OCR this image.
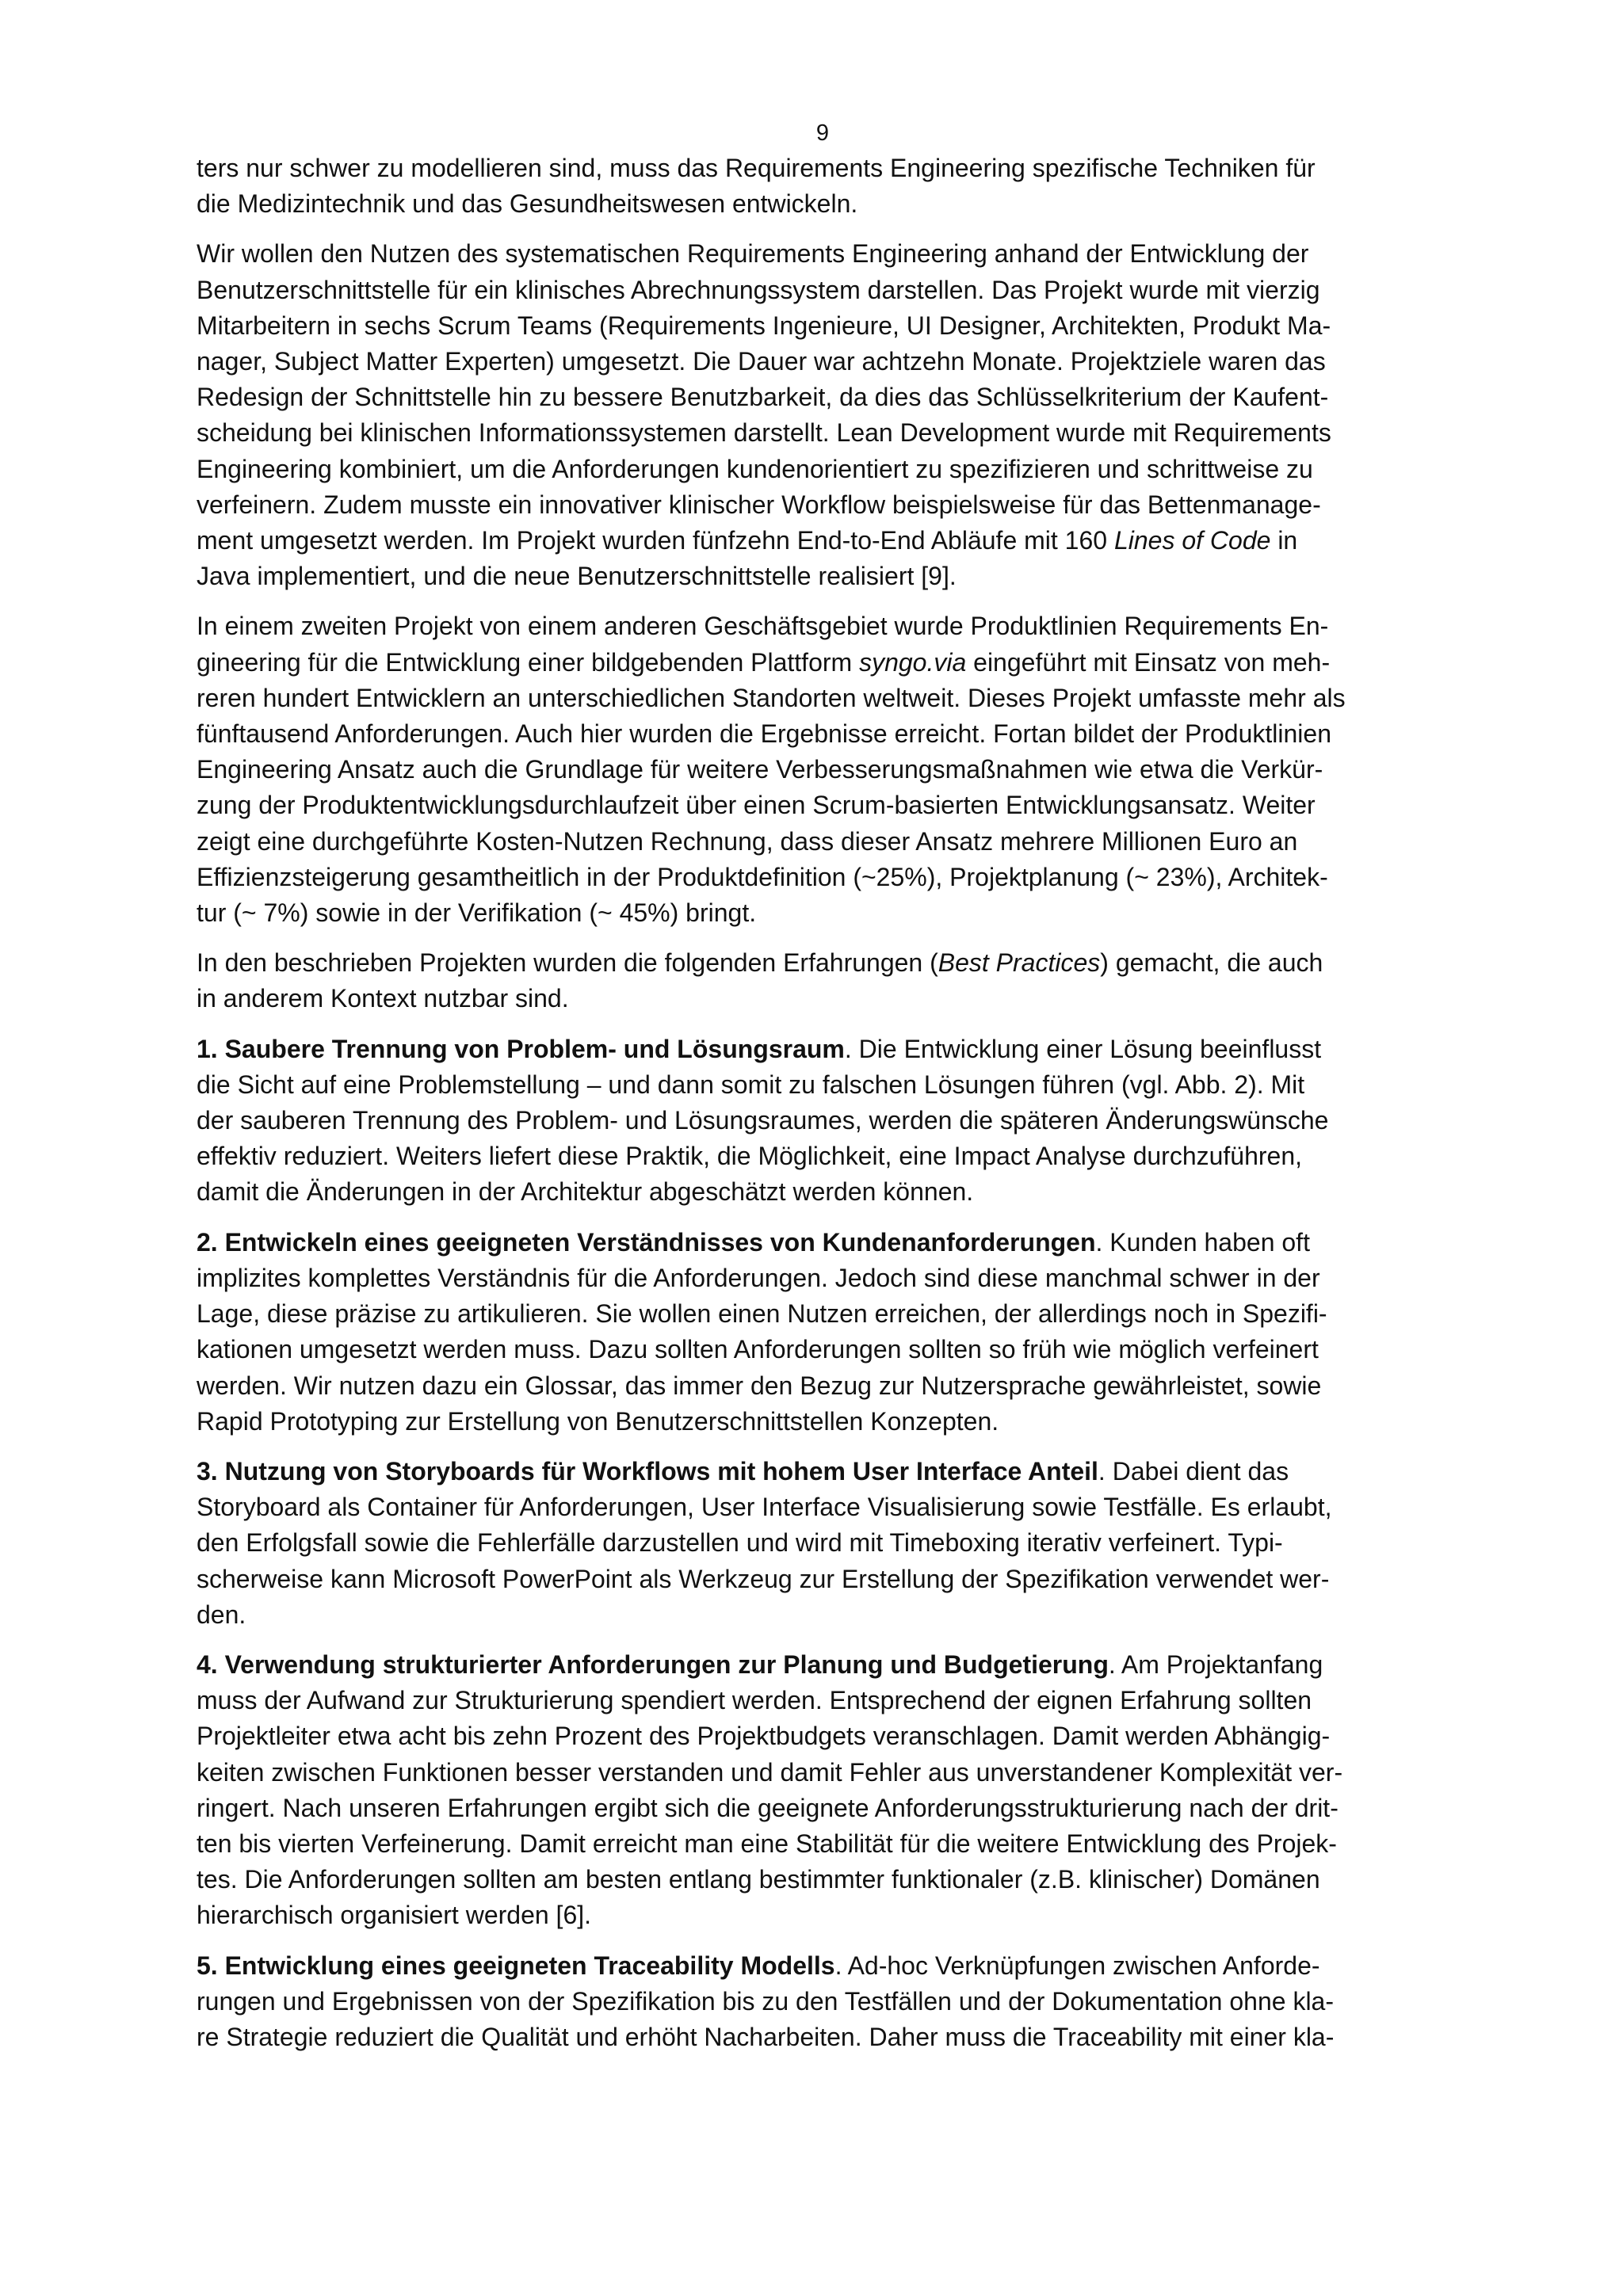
9
ters nur schwer zu modellieren sind, muss das Requirements Engineering spezifische Techniken für
die Medizintechnik und das Gesundheitswesen entwickeln.
Wir wollen den Nutzen des systematischen Requirements Engineering anhand der Entwicklung der
Benutzerschnittstelle für ein klinisches Abrechnungssystem darstellen. Das Projekt wurde mit vierzig
Mitarbeitern in sechs Scrum Teams (Requirements Ingenieure, UI Designer, Architekten, Produkt Ma-
nager, Subject Matter Experten) umgesetzt. Die Dauer war achtzehn Monate. Projektziele waren das
Redesign der Schnittstelle hin zu bessere Benutzbarkeit, da dies das Schlüsselkriterium der Kaufent-
scheidung bei klinischen Informationssystemen darstellt. Lean Development wurde mit Requirements
Engineering kombiniert, um die Anforderungen kundenorientiert zu spezifizieren und schrittweise zu
verfeinern. Zudem musste ein innovativer klinischer Workflow beispielsweise für das Bettenmanage-
ment umgesetzt werden. Im Projekt wurden fünfzehn End-to-End Abläufe mit 160 Lines of Code in
Java implementiert, und die neue Benutzerschnittstelle realisiert [9].
In einem zweiten Projekt von einem anderen Geschäftsgebiet wurde Produktlinien Requirements En-
gineering für die Entwicklung einer bildgebenden Plattform syngo.via eingeführt mit Einsatz von meh-
reren hundert Entwicklern an unterschiedlichen Standorten weltweit. Dieses Projekt umfasste mehr als
fünftausend Anforderungen. Auch hier wurden die Ergebnisse erreicht. Fortan bildet der Produktlinien
Engineering Ansatz auch die Grundlage für weitere Verbesserungsmaßnahmen wie etwa die Verkür-
zung der Produktentwicklungsdurchlaufzeit über einen Scrum-basierten Entwicklungsansatz. Weiter
zeigt eine durchgeführte Kosten-Nutzen Rechnung, dass dieser Ansatz mehrere Millionen Euro an
Effizienzsteigerung gesamtheitlich in der Produktdefinition (~25%), Projektplanung (~ 23%), Architek-
tur (~ 7%) sowie in der Verifikation (~ 45%) bringt.
In den beschrieben Projekten wurden die folgenden Erfahrungen (Best Practices) gemacht, die auch
in anderem Kontext nutzbar sind.
1. Saubere Trennung von Problem- und Lösungsraum. Die Entwicklung einer Lösung beeinflusst
die Sicht auf eine Problemstellung – und dann somit zu falschen Lösungen führen (vgl. Abb. 2). Mit
der sauberen Trennung des Problem- und Lösungsraumes, werden die späteren Änderungswünsche
effektiv reduziert. Weiters liefert diese Praktik, die Möglichkeit, eine Impact Analyse durchzuführen,
damit die Änderungen in der Architektur abgeschätzt werden können.
2. Entwickeln eines geeigneten Verständnisses von Kundenanforderungen. Kunden haben oft
implizites komplettes Verständnis für die Anforderungen. Jedoch sind diese manchmal schwer in der
Lage, diese präzise zu artikulieren. Sie wollen einen Nutzen erreichen, der allerdings noch in Spezifi-
kationen umgesetzt werden muss. Dazu sollten Anforderungen sollten so früh wie möglich verfeinert
werden. Wir nutzen dazu ein Glossar, das immer den Bezug zur Nutzersprache gewährleistet, sowie
Rapid Prototyping zur Erstellung von Benutzerschnittstellen Konzepten.
3. Nutzung von Storyboards für Workflows mit hohem User Interface Anteil. Dabei dient das
Storyboard als Container für Anforderungen, User Interface Visualisierung sowie Testfälle. Es erlaubt,
den Erfolgsfall sowie die Fehlerfälle darzustellen und wird mit Timeboxing iterativ verfeinert. Typi-
scherweise kann Microsoft PowerPoint als Werkzeug zur Erstellung der Spezifikation verwendet wer-
den.
4. Verwendung strukturierter Anforderungen zur Planung und Budgetierung. Am Projektanfang
muss der Aufwand zur Strukturierung spendiert werden. Entsprechend der eignen Erfahrung sollten
Projektleiter etwa acht bis zehn Prozent des Projektbudgets veranschlagen. Damit werden Abhängig-
keiten zwischen Funktionen besser verstanden und damit Fehler aus unverstandener Komplexität ver-
ringert. Nach unseren Erfahrungen ergibt sich die geeignete Anforderungsstrukturierung nach der drit-
ten bis vierten Verfeinerung. Damit erreicht man eine Stabilität für die weitere Entwicklung des Projek-
tes. Die Anforderungen sollten am besten entlang bestimmter funktionaler (z.B. klinischer) Domänen
hierarchisch organisiert werden [6].
5. Entwicklung eines geeigneten Traceability Modells. Ad-hoc Verknüpfungen zwischen Anforde-
rungen und Ergebnissen von der Spezifikation bis zu den Testfällen und der Dokumentation ohne kla-
re Strategie reduziert die Qualität und erhöht Nacharbeiten. Daher muss die Traceability mit einer kla-
